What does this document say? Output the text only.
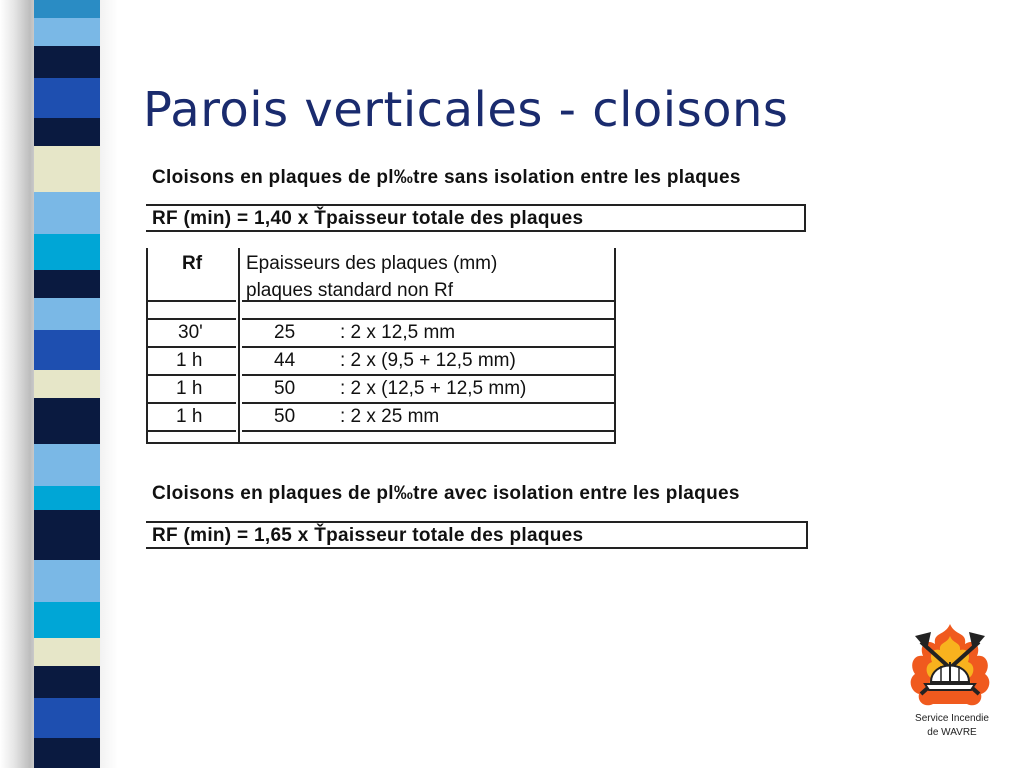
Parois verticales - cloisons
Cloisons en plaques de pl‰tre sans isolation entre les plaques
RF (min) = 1,40 x Ťpaisseur totale des plaques
Rf Epaisseurs des plaques (mm)
plaques standard non Rf
30'	25 : 2 x 12,5 mm
1 h	44 : 2 x (9,5 + 12,5 mm)
1 h	50 : 2 x (12,5 + 12,5 mm)
1 h	50 : 2 x 25 mm
Cloisons en plaques de pl‰tre avec isolation entre les plaques
RF (min) = 1,65 x Ťpaisseur totale des plaques
Service Incendie
de WAVRE
